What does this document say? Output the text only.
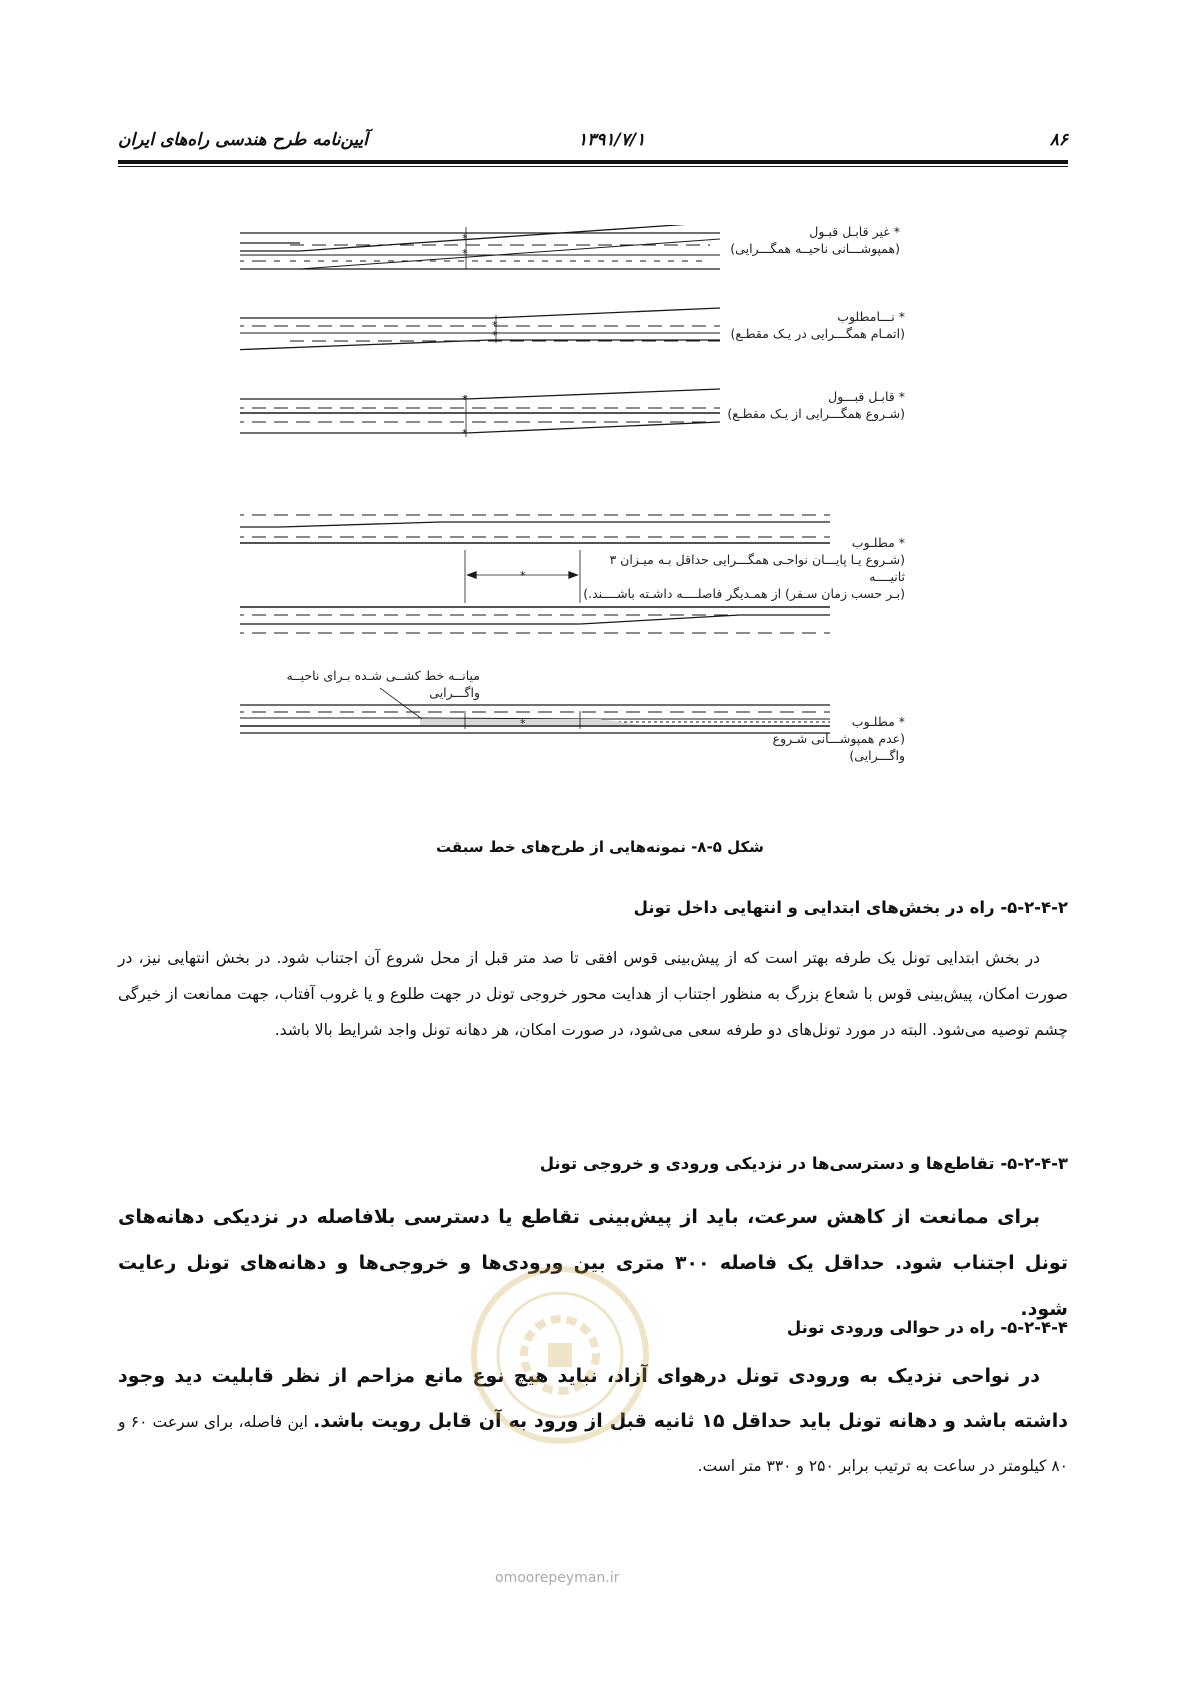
آیین‌نامه طرح هندسی راه‌های ایران	۱۳۹۱/۷/۱	۸۶
*
*
*
*
*
*
*
*
* غیر قابـل قبـول
(همپوشـــانی ناحیــه همگـــرایی)
* نـــامطلوب
(اتمـام همگـــرایی در یـک مقطـع)
* قابـل قبـــول
(شـروع همگـــرایی از یـک مقطـع)
* مطلـوب
(شـروع یـا پایـــان نواحـی همگـــرایی حداقل بـه میـزان ۳ ثانیــــه
(بـر حسب زمان سـفر) از همـدیگر فاصلــــه داشـته باشــــند.)
میانــه خط کشــی شـده بـرای ناحیــه واگـــرایی
* مطلـوب
(عدم همپوشـــانی شـروع واگـــرایی)
شکل ۵-۸- نمونه‌هایی از طرح‌های خط سبقت
۵-۲-۴-۲- راه در بخش‌های ابتدایی و انتهایی داخل تونل
در بخش ابتدایی تونل یک طرفه بهتر است که از پیش‌بینی قوس افقی تا صد متر قبل از محل شروع آن اجتناب شود. در بخش انتهایی نیز، در صورت امکان، پیش‌بینی قوس با شعاع بزرگ به منظور اجتناب از هدایت محور خروجی تونل در جهت طلوع و یا غروب آفتاب، جهت ممانعت از خیرگی چشم توصیه می‌شود. البته در مورد تونل‌های دو طرفه سعی می‌شود، در صورت امکان، هر دهانه تونل واجد شرایط بالا باشد.
۵-۲-۴-۳- تقاطع‌ها و دسترسی‌ها در نزدیکی ورودی و خروجی تونل
برای ممانعت از کاهش سرعت، باید از پیش‌بینی تقاطع یا دسترسی بلافاصله در نزدیکی دهانه‌های تونل اجتناب شود. حداقل یک فاصله ۳۰۰ متری بین ورودی‌ها و خروجی‌ها و دهانه‌های تونل رعایت شود.
۵-۲-۴-۴- راه در حوالی ورودی تونل
در نواحی نزدیک به ورودی تونل درهوای آزاد، نباید هیچ نوع مانع مزاحم از نظر قابلیت دید وجود داشته باشد و دهانه تونل باید حداقل ۱۵ ثانیه قبل از ورود به آن قابل رویت باشد. این فاصله، برای سرعت ۶۰ و ۸۰ کیلومتر در ساعت به ترتیب برابر ۲۵۰ و ۳۳۰ متر است.
omoorepeyman.ir
